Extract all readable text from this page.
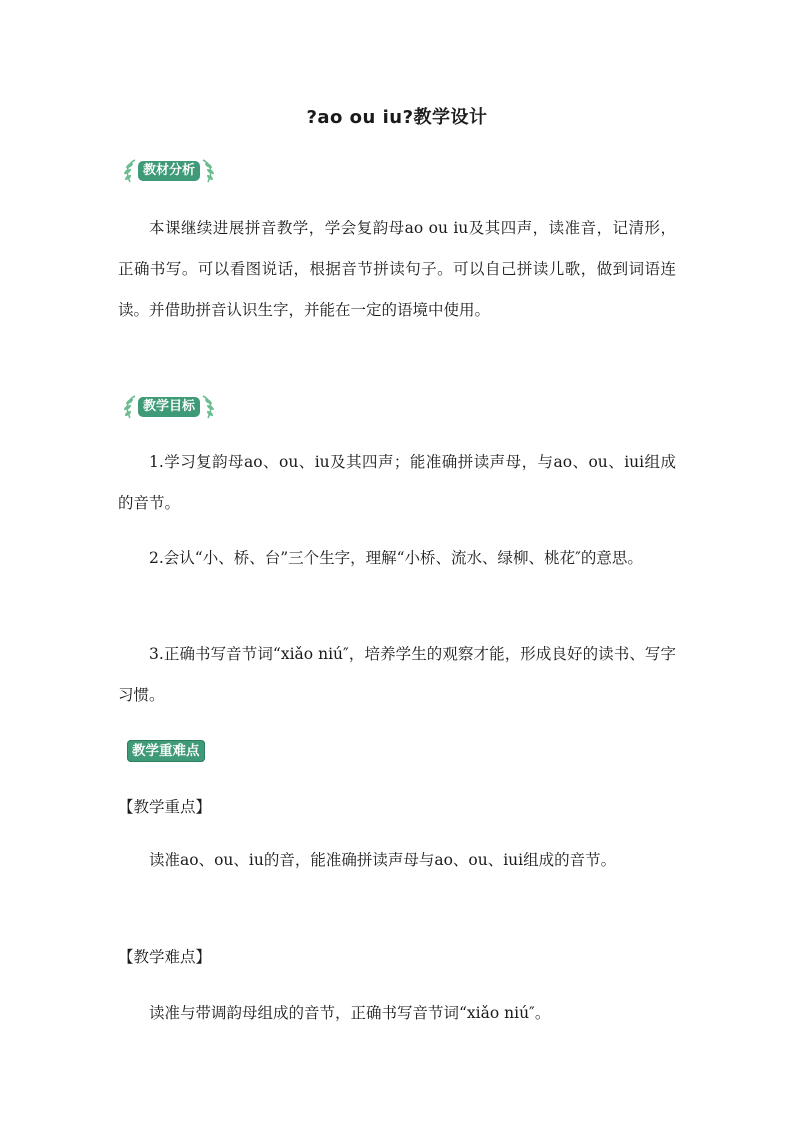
?ao ou iu?教学设计
教材分析

本课继续进展拼音教学，学会复韵母ao ou iu及其四声，读准音，记清形，正确书写。可以看图说话，根据音节拼读句子。可以自己拼读儿歌，做到词语连读。并借助拼音认识生字，并能在一定的语境中使用。

教学目标

1.学习复韵母ao、ou、iu及其四声；能准确拼读声母，与ao、ou、iui组成的音节。

2.会认“小、桥、台”三个生字，理解“小桥、流水、绿柳、桃花″的意思。

3.正确书写音节词“xiǎo niú″，培养学生的观察才能，形成良好的读书、写字习惯。

教学重难点

【教学重点】

读准ao、ou、iu的音，能准确拼读声母与ao、ou、iui组成的音节。

【教学难点】

读准与带调韵母组成的音节，正确书写音节词“xiǎo niú″。
